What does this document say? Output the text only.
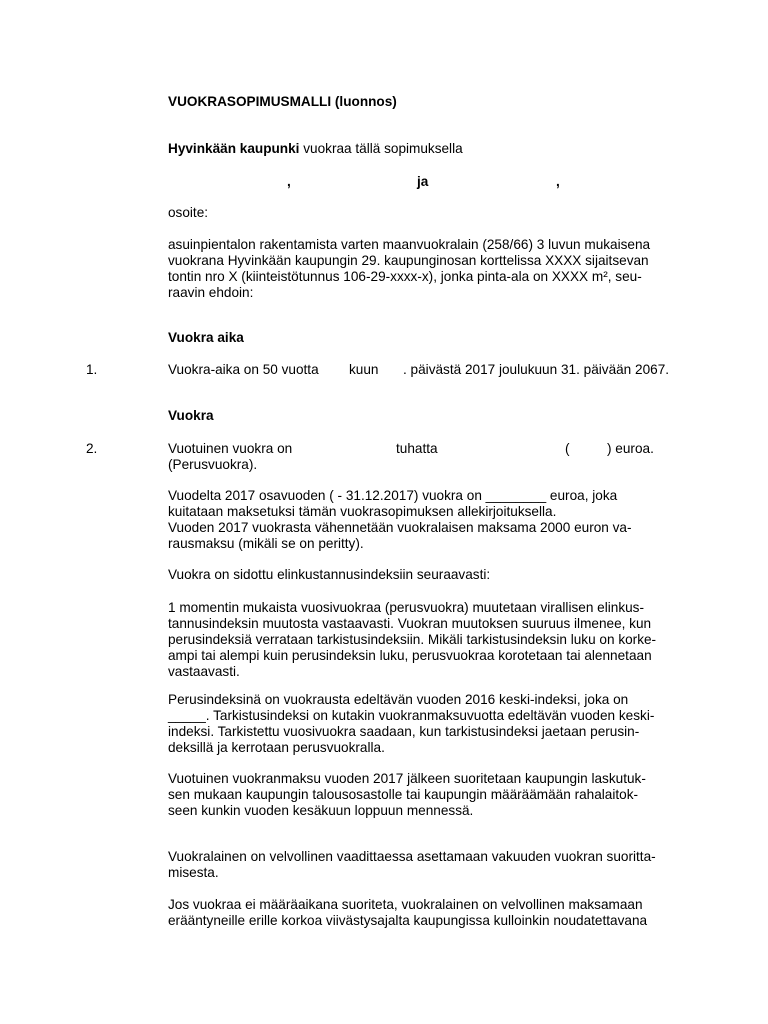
VUOKRASOPIMUSMALLI (luonnos)
Hyvinkään kaupunki vuokraa tällä sopimuksella
,	ja	,
osoite:
asuinpientalon rakentamista varten maanvuokralain (258/66) 3 luvun mukaisena
vuokrana Hyvinkään kaupungin 29. kaupunginosan korttelissa XXXX sijaitsevan
tontin nro X (kiinteistötunnus 106-29-xxxx-x), jonka pinta-ala on XXXX m², seu-
raavin ehdoin:
Vuokra aika
1.	Vuokra-aika on 50 vuotta kuun . päivästä 2017 joulukuun 31. päivään 2067.
Vuokra
2.	Vuotuinen vuokra on	tuhatta	(	) euroa.
(Perusvuokra).
Vuodelta 2017 osavuoden ( - 31.12.2017) vuokra on ________ euroa, joka
kuitataan maksetuksi tämän vuokrasopimuksen allekirjoituksella.
Vuoden 2017 vuokrasta vähennetään vuokralaisen maksama 2000 euron va-
rausmaksu (mikäli se on peritty).
Vuokra on sidottu elinkustannusindeksiin seuraavasti:
1 momentin mukaista vuosivuokraa (perusvuokra) muutetaan virallisen elinkus-
tannusindeksin muutosta vastaavasti. Vuokran muutoksen suuruus ilmenee, kun
perusindeksiä verrataan tarkistusindeksiin. Mikäli tarkistusindeksin luku on korke-
ampi tai alempi kuin perusindeksin luku, perusvuokraa korotetaan tai alennetaan
vastaavasti.
Perusindeksinä on vuokrausta edeltävän vuoden 2016 keski-indeksi, joka on
_____. Tarkistusindeksi on kutakin vuokranmaksuvuotta edeltävän vuoden keski-
indeksi. Tarkistettu vuosivuokra saadaan, kun tarkistusindeksi jaetaan perusin-
deksillä ja kerrotaan perusvuokralla.
Vuotuinen vuokranmaksu vuoden 2017 jälkeen suoritetaan kaupungin laskutuk-
sen mukaan kaupungin talousosastolle tai kaupungin määräämään rahalaitok-
seen kunkin vuoden kesäkuun loppuun mennessä.
Vuokralainen on velvollinen vaadittaessa asettamaan vakuuden vuokran suoritta-
misesta.
Jos vuokraa ei määräaikana suoriteta, vuokralainen on velvollinen maksamaan
erääntyneille erille korkoa viivästysajalta kaupungissa kulloinkin noudatettavana
